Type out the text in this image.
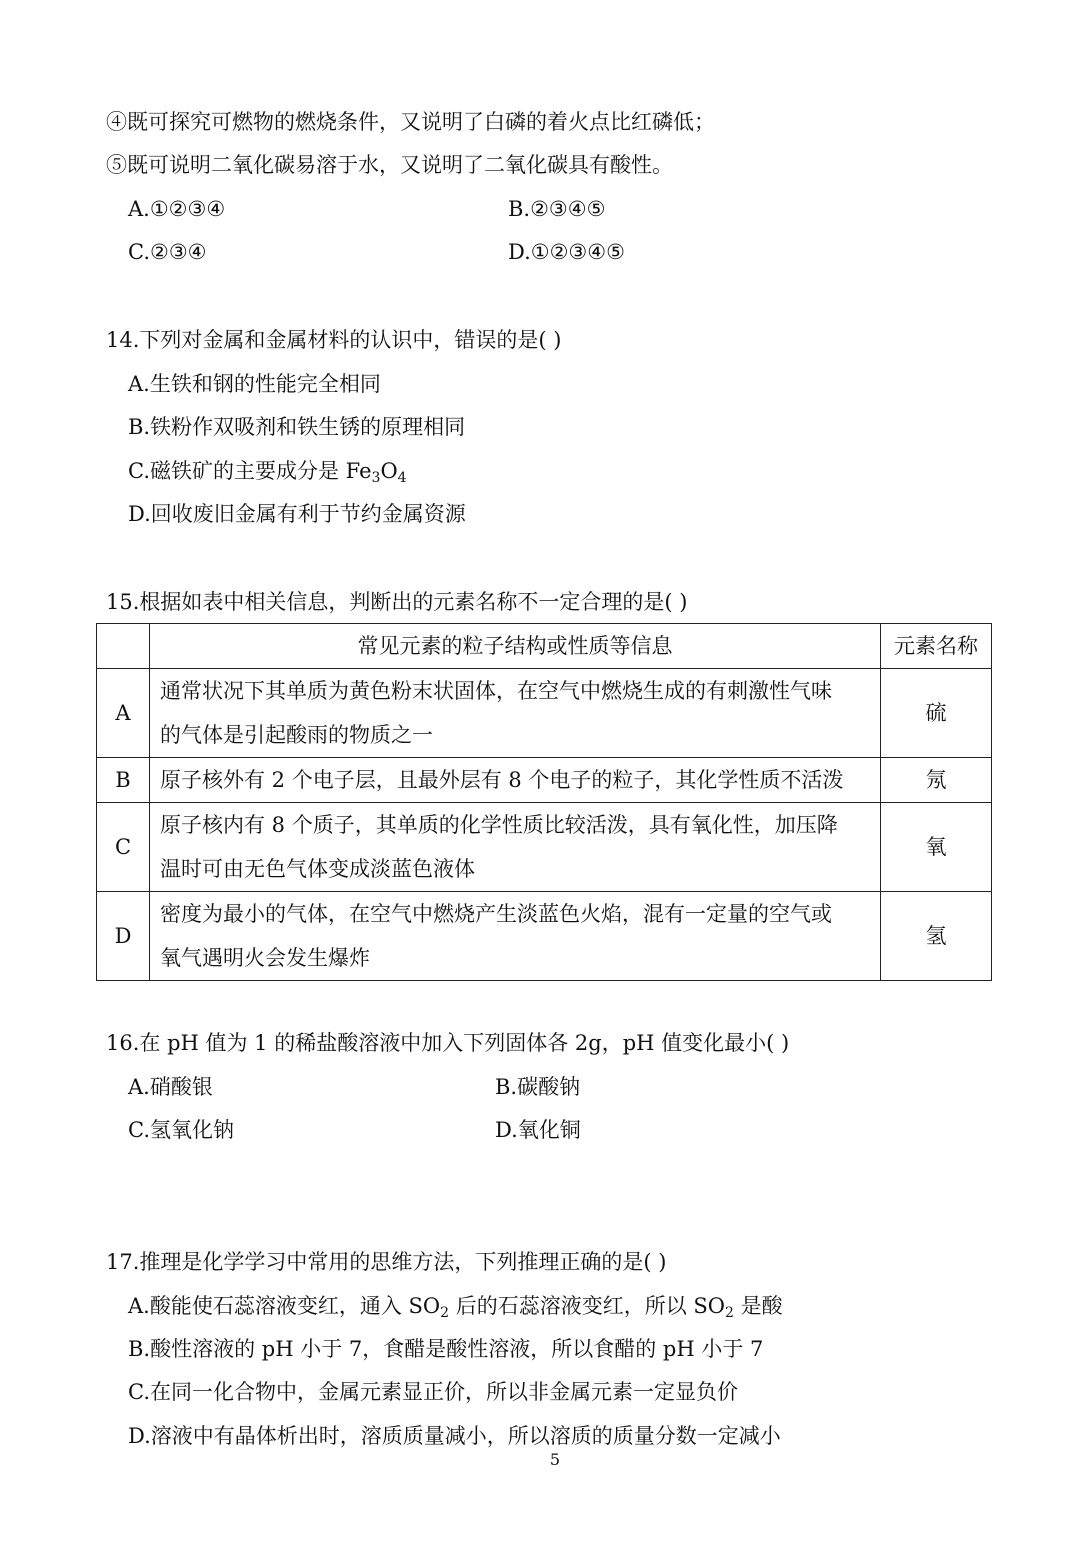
④既可探究可燃物的燃烧条件，又说明了白磷的着火点比红磷低；
⑤既可说明二氧化碳易溶于水，又说明了二氧化碳具有酸性。
A.①②③④	B.②③④⑤
C.②③④	D.①②③④⑤
14.下列对金属和金属材料的认识中，错误的是( )
A.生铁和钢的性能完全相同
B.铁粉作双吸剂和铁生锈的原理相同
C.磁铁矿的主要成分是 $Fe_3O_4$
D.回收废旧金属有利于节约金属资源
15.根据如表中相关信息，判断出的元素名称不一定合理的是( )
	常见元素的粒子结构或性质等信息	元素名称
A	通常状况下其单质为黄色粉末状固体，在空气中燃烧生成的有刺激性气味
的气体是引起酸雨的物质之一	硫
B	原子核外有 2 个电子层，且最外层有 8 个电子的粒子，其化学性质不活泼	氖
C	原子核内有 8 个质子，其单质的化学性质比较活泼，具有氧化性，加压降
温时可由无色气体变成淡蓝色液体	氧
D	密度为最小的气体，在空气中燃烧产生淡蓝色火焰，混有一定量的空气或
氧气遇明火会发生爆炸	氢
16.在 pH 值为 1 的稀盐酸溶液中加入下列固体各 2g，pH 值变化最小( )
A.硝酸银	B.碳酸钠
C.氢氧化钠	D.氧化铜
17.推理是化学学习中常用的思维方法，下列推理正确的是( )
A.酸能使石蕊溶液变红，通入 $SO_2$ 后的石蕊溶液变红，所以 $SO_2$ 是酸
B.酸性溶液的 pH 小于 7，食醋是酸性溶液，所以食醋的 pH 小于 7
C.在同一化合物中，金属元素显正价，所以非金属元素一定显负价
D.溶液中有晶体析出时，溶质质量减小，所以溶质的质量分数一定减小
5
